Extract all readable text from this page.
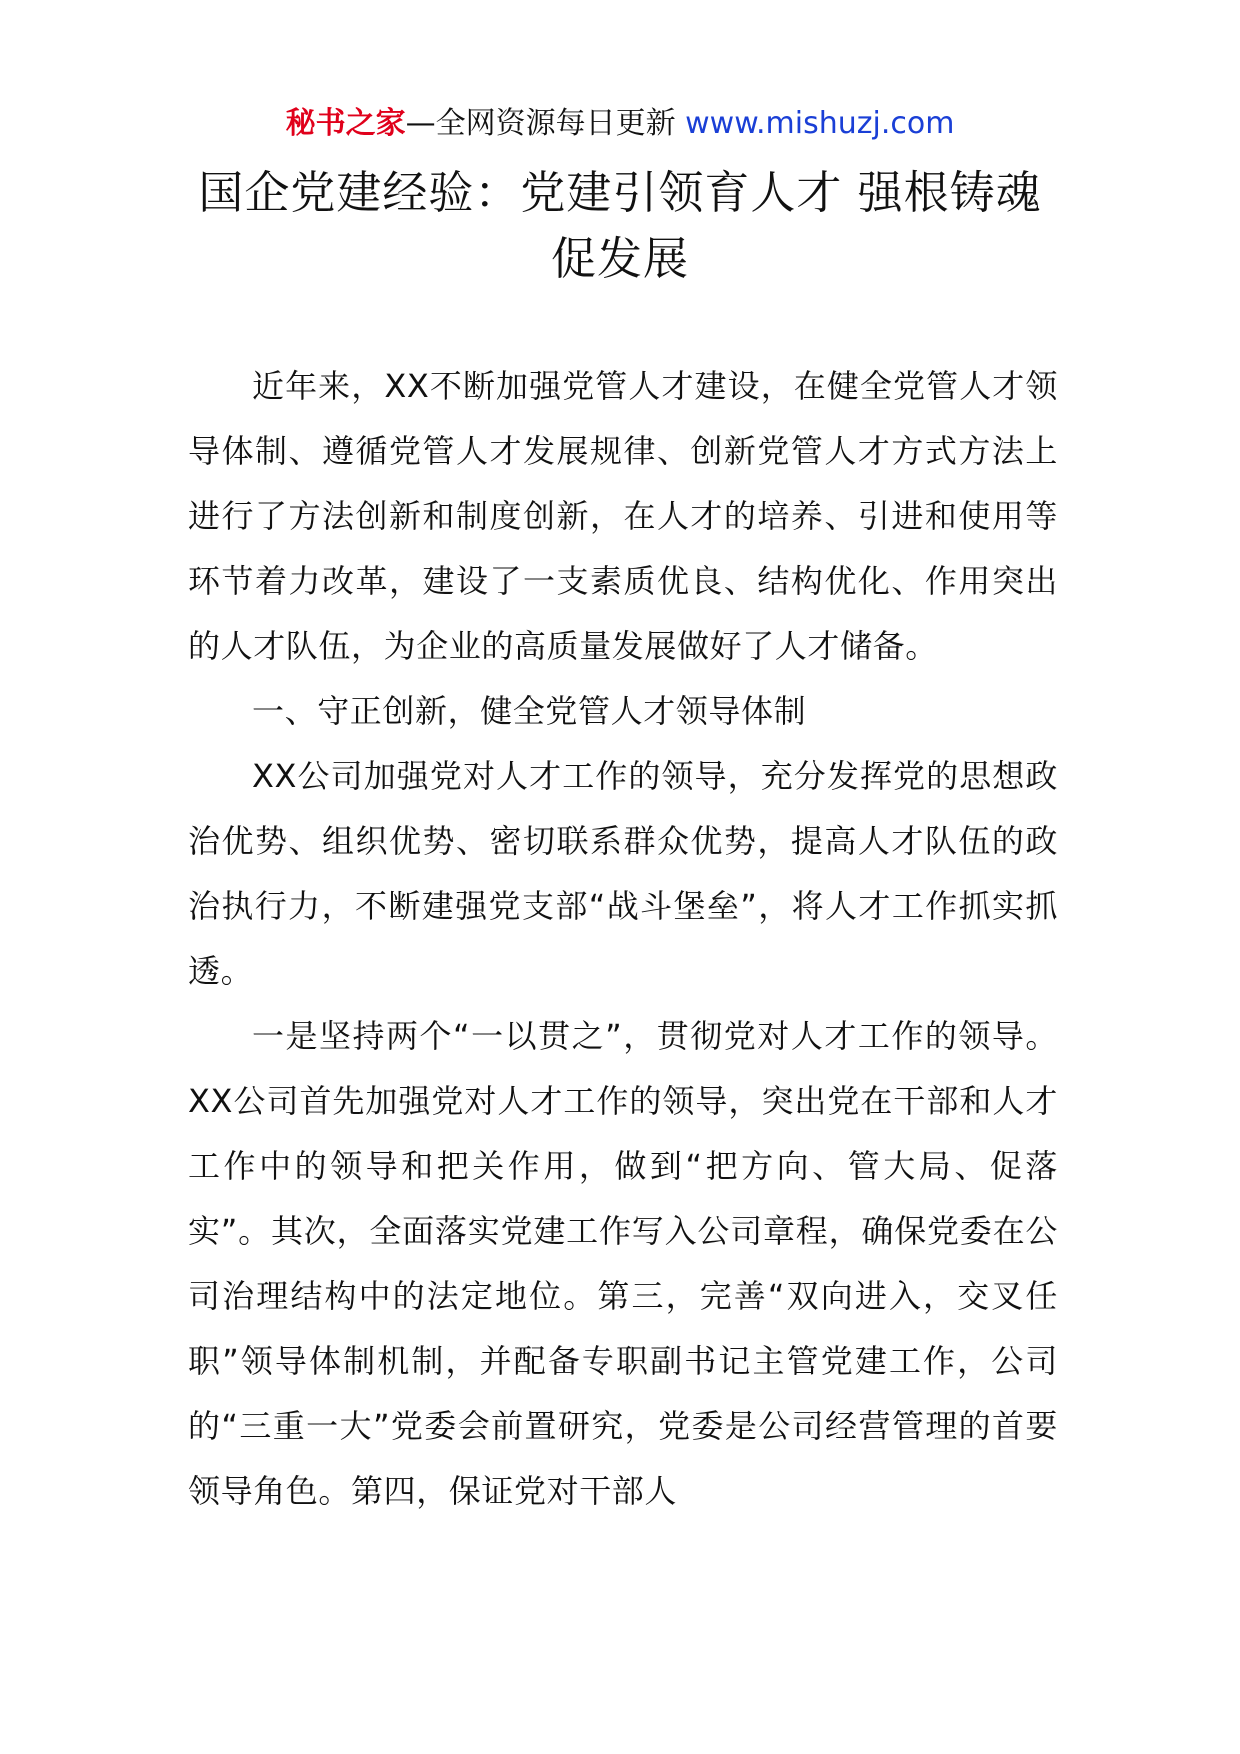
秘书之家—全网资源每日更新 www.mishuzj.com
国企党建经验：党建引领育人才 强根铸魂
促发展

近年来，XX不断加强党管人才建设，在健全党管人才领导体制、遵循党管人才发展规律、创新党管人才方式方法上进行了方法创新和制度创新，在人才的培养、引进和使用等环节着力改革，建设了一支素质优良、结构优化、作用突出的人才队伍，为企业的高质量发展做好了人才储备。

一、守正创新，健全党管人才领导体制

XX公司加强党对人才工作的领导，充分发挥党的思想政治优势、组织优势、密切联系群众优势，提高人才队伍的政治执行力，不断建强党支部“战斗堡垒”，将人才工作抓实抓透。

一是坚持两个“一以贯之”，贯彻党对人才工作的领导。XX公司首先加强党对人才工作的领导，突出党在干部和人才工作中的领导和把关作用，做到“把方向、管大局、促落实”。其次，全面落实党建工作写入公司章程，确保党委在公司治理结构中的法定地位。第三，完善“双向进入，交叉任职”领导体制机制，并配备专职副书记主管党建工作，公司的“三重一大”党委会前置研究，党委是公司经营管理的首要领导角色。第四，保证党对干部人
